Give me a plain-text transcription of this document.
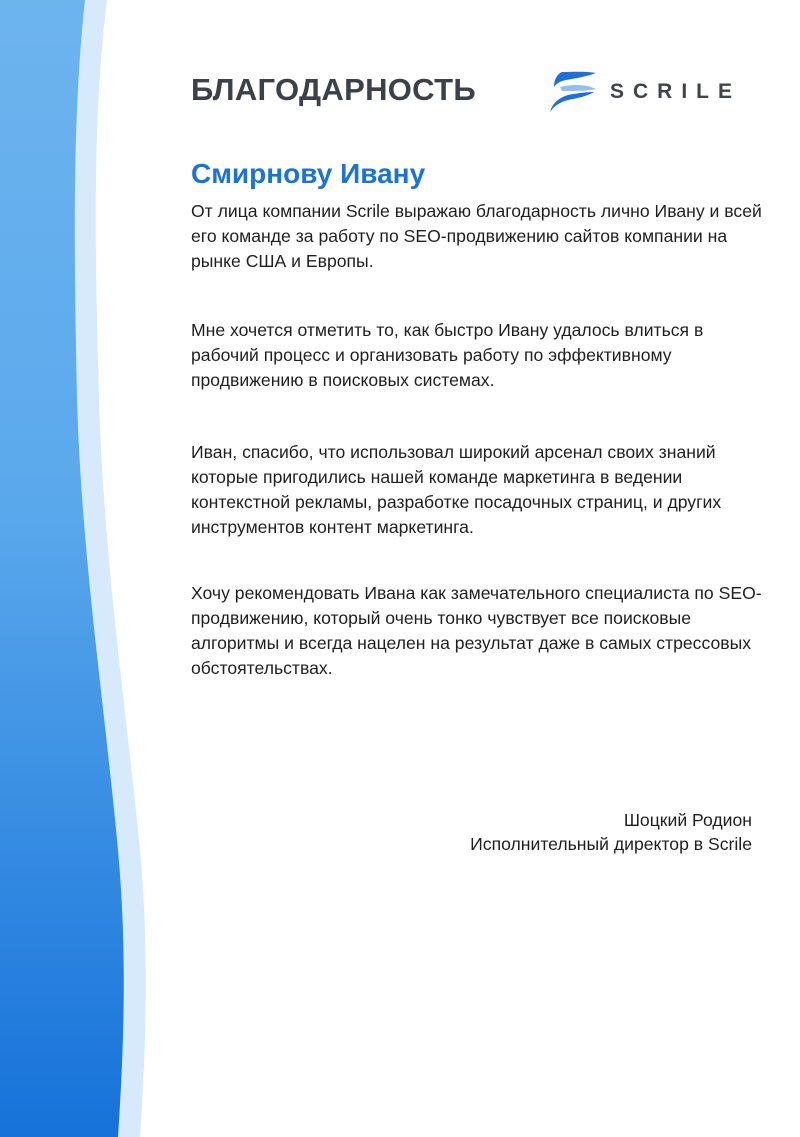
БЛАГОДАРНОСТЬ	SCRILE
Смирнову Ивану

От лица компании Scrile выражаю благодарность лично Ивану и всей его команде за работу по SEO-продвижению сайтов компании на рынке США и Европы.

Мне хочется отметить то, как быстро Ивану удалось влиться в рабочий процесс и организовать работу по эффективному продвижению в поисковых системах.

Иван, спасибо, что использовал широкий арсенал своих знаний которые пригодились нашей команде маркетинга в ведении контекстной рекламы, разработке посадочных страниц, и других инструментов контент маркетинга.

Хочу рекомендовать Ивана как замечательного специалиста по SEO-продвижению, который очень тонко чувствует все поисковые алгоритмы и всегда нацелен на результат даже в самых стрессовых обстоятельствах.

Шоцкий Родион
Исполнительный директор в Scrile
